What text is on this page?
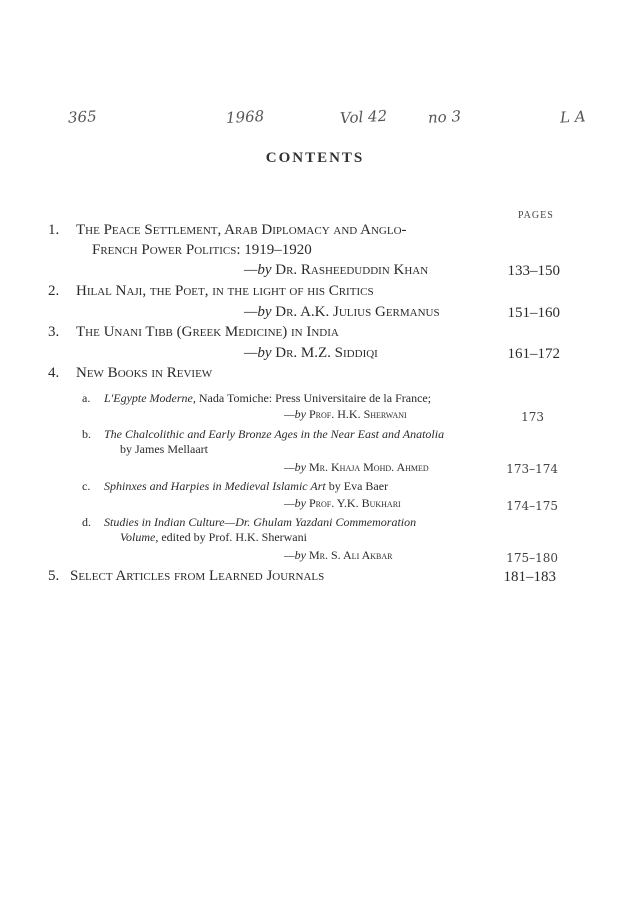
365	1968	Vol 42	no 3	L A
CONTENTS
PAGES
1. The Peace Settlement, Arab Diplomacy and Anglo-
French Power Politics: 1919–1920
—by Dr. Rasheeduddin Khan	133–150
2. Hilal Naji, the Poet, in the light of his Critics
—by Dr. A.K. Julius Germanus	151–160
3. The Unani Tibb (Greek Medicine) in India
—by Dr. M.Z. Siddiqi	161–172
4. New Books in Review
a. L'Egypte Moderne, Nada Tomiche: Press Universitaire de la France;
—by Prof. H.K. Sherwani	173
b. The Chalcolithic and Early Bronze Ages in the Near East and Anatolia
by James Mellaart
—by Mr. Khaja Mohd. Ahmed	173–174
c. Sphinxes and Harpies in Medieval Islamic Art by Eva Baer
—by Prof. Y.K. Bukhari	174–175
d. Studies in Indian Culture—Dr. Ghulam Yazdani Commemoration
Volume, edited by Prof. H.K. Sherwani
—by Mr. S. Ali Akbar	175–180
5. Select Articles from Learned Journals	181–183
